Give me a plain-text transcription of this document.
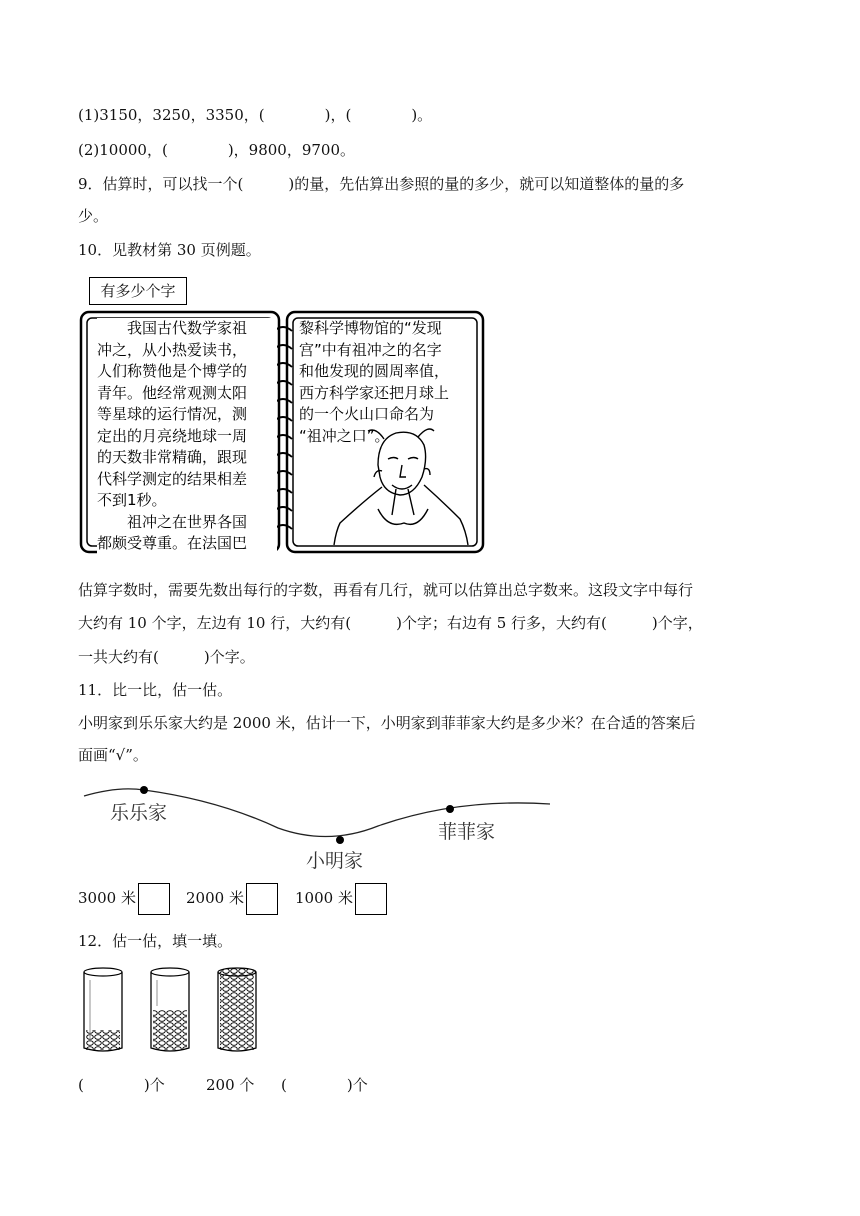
(1)3150，3250，3350，(　　　　)，(　　　　)。
(2)10000，(　　　　)，9800，9700。
9．估算时，可以找一个(　　　)的量，先估算出参照的量的多少，就可以知道整体的量的多
少。
10．见教材第 30 页例题。
有多少个字

　　我国古代数学家祖

冲之，从小热爱读书，

人们称赞他是个博学的

青年。他经常观测太阳

等星球的运行情况，测

定出的月亮绕地球一周

的天数非常精确，跟现

代科学测定的结果相差

不到1秒。

　　祖冲之在世界各国

都颇受尊重。在法国巴

黎科学博物馆的“发现

宫”中有祖冲之的名字

和他发现的圆周率值，

西方科学家还把月球上

的一个火山口命名为

“祖冲之口”。

估算字数时，需要先数出每行的字数，再看有几行，就可以估算出总字数来。这段文字中每行
大约有 10 个字，左边有 10 行，大约有(　　　)个字；右边有 5 行多，大约有(　　　)个字，
一共大约有(　　　)个字。
11．比一比，估一估。
小明家到乐乐家大约是 2000 米，估计一下，小明家到菲菲家大约是多少米？在合适的答案后
面画“√”。
乐乐家
小明家
菲菲家
3000 米	2000 米	1000 米
12．估一估，填一填。
(　　　　)个	200 个 (　　　　)个
